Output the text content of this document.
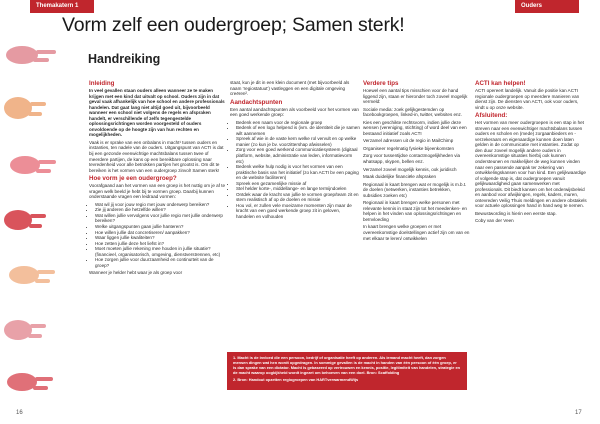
Themakatern 1	Ouders
Vorm zelf een oudergroep; Samen sterk!
Handreiking
Inleiding

In veel gevallen staan ouders alleen wanneer ze te maken krijgen met een kind dat uitvalt op school. Ouders zijn in dat geval vaak afhankelijk van hoe school en andere professionals handelen. Dat gaat lang niet altijd goed uit, bijvoorbeeld wanneer een school niet volgens de regels en afspraken handelt, er verschillende of zelfs tegengestelde oplossingsrichtingen worden voorgesteld of ouders onvoldoende op de hoogte zijn van hun rechten en mogelijkheden.

Vaak is er sprake van een onbalans in macht¹ tussen ouders en instanties, ten nadele van de ouders. Uitgangspunt van ACTI is dat bij een gezonde evenwichtige machtsbalans tussen twee of meerdere partijen, de kans op een bereikbare oplossing naar tevredenheid voor alle betrokken partijen het grootst is. Om dit te bereiken is het vormen van een oudergroep zinvol! Samen sterk!

Hoe vorm je een oudergroep?

Voorafgaand aan het vormen van een groep is het nuttig om je af te vragen welk beeld je hebt bij te vormen groep. Daarbij kunnen onderstaande vragen een leidraad vormen:

• Wat wil jij voor jouw regio met jouw onderwerp bereiken?
• Zie jij anderen die hetzelfde willen?
• Wat willen jullie vervolgens voor jullie regio met jullie onderwerp bereiken?
• Welke uitgangspunten gaan jullie hanteren?
• Hoe willen jullie dat concretiseren/ aanpakken?
• Waar liggen jullie kwaliteiten?
• Hoe zetten jullie deze het liefst in?
• Moet moeten jullie rekening mee houden in jullie situatie? (financieel, organisatorisch, omgeving, dienstverstrennen, etc)
• Hoe zorgen jullie voor duurzaamheid en continuïteit van de groep?

Wanneer je helder hebt waar je als groep voor

staat, kun je dit in een klein document (met bijvoorbeeld als naam ‘regiostatuut’) vastleggen en een digitale omgeving creëren².

Aandachtspunten

Een aantal aandachtspunten als voorbeeld voor het vormen van een goed werkende groep:

• Bedenk een naam voor de regionale groep
• Bedenk of een logo helpend is (ivm. de identiteit die je samen wilt aannemen
• Spreek af wie in de vaste kern welke rol vervult en op welke manier (zo kun je bv. voorzittershap afwisselen)
• Zorg voor een goed werkend communicatiesysteem (digitaal platform, website, administratie van leden, informatievorm etc)
• Bedenk welke hulp nodig is voor het vormen van een praktische basis van het initiatief (zo kan ACTI bv een paging en de website faciliteren)
• Spreek een gezamenlijke missie af
• Stel helder korte-, middellange- en lange termijndoelen
• Ontdek waar de kracht van jullie te vormen groep/team zit en stem realistisch af op de doelen en missie
• Hou vol, er zullen vele moeizame momenten zijn maar de kracht van een goed werkende groep zit in geloven, handelen en volhouden
Verdere tips

Hoewel een aantal tips misschien voor de hand liggend zijn, staan er hieronder toch zoveel mogelijk vermeld:

Sociale media: zoek gelijkgestemden op facebookgroepen, linked-in, twitter, websites enz.

Kies een geschikte rechtsvorm, indien jullie deze wensen (vereniging, stichting) of word deel van een bestaand initiatief zoals ACTI

Verzamel adressen uit de regio in MailChimp

Organiseer regelmatig fysieke bijeenkomsten

Zorg voor tussentijdse contactmogelijkheden via whatsapp, skypen, bellen enz.

Verzamel zoveel mogelijk kennis, ook juridisch

Maak duidelijke financiële afspraken

Regionaal in kaart brengen wat er mogelijk is m.b.t. de doelen (netwerken, instanties betrekken, subsidies zoeken etc)

Regionaal in kaart brengen welke personen met relevante kennis in staat zijn tot het meedenken- en helpen in het vinden van oplossingsrichtingen en beïnvloeding

In kaart brengen welke groepen er met overeenkomstige doelstellingen actief zijn om van en met elkaar te leren/ ontwikkelen

ACTI kan helpen!

ACTI opereert landelijk. Vanuit die positie kan ACTI regionale oudergroepen op meerdere manieren van dienst zijn. De diensten van ACTI, ook voor ouders, vindt u op onze website.

Afsluitend:

Het vormen van meer oudergroepen is een stap in het streven naar een evenwichtiger machtsbalans tussen ouders en scholen en (mede) zorgaanbieders en -verzekeraars en eigenaardige kunnen doen laten gelden in de communicatie met instanties. Zodat op den duur zoveel mogelijk andere ouders in overeenkomstige situaties hierbij ook kunnen ondersteunen en makkelijker de weg kunnen vinden naar een passende aanpak ter zekering van ontwikkelingskansen voor hun kind. Een gelijkwaardige of volgende stap is, dat oudergroepen vanuit gelijkwaardigheid gaan samenwerken met professionals. Dit biedt kansen om het onderwijsbeleid en aanbod voor afwijkingen, regels, kaders, muren, ontevreden Veilig Thuis meldingen en andere obstakels voor actuele oplossingen hand in hand weg te nemen.

Bewustwording is hierin een eerste stap.

Coby van der Veen

1. Macht is de invloed die een persoon, bedrijf of organisatie heeft op anderen. Als iemand macht heeft, dan zorgen mensen dingen wat hen wordt opgedragen. In sommige gevallen is de macht in handen van één persoon of één groep, er is dan sprake van een dictator. Macht is gebaseerd op vertrouwen en kennis, positie, legitimiteit van handelen, strategie en de macht waarop oogkijkheid wordt ingezet om behoeven van een doel. Bron: Scaffolding

2. Bron: Handout opzetten regiogroepen van HARTverwarmendWijs

16	17
